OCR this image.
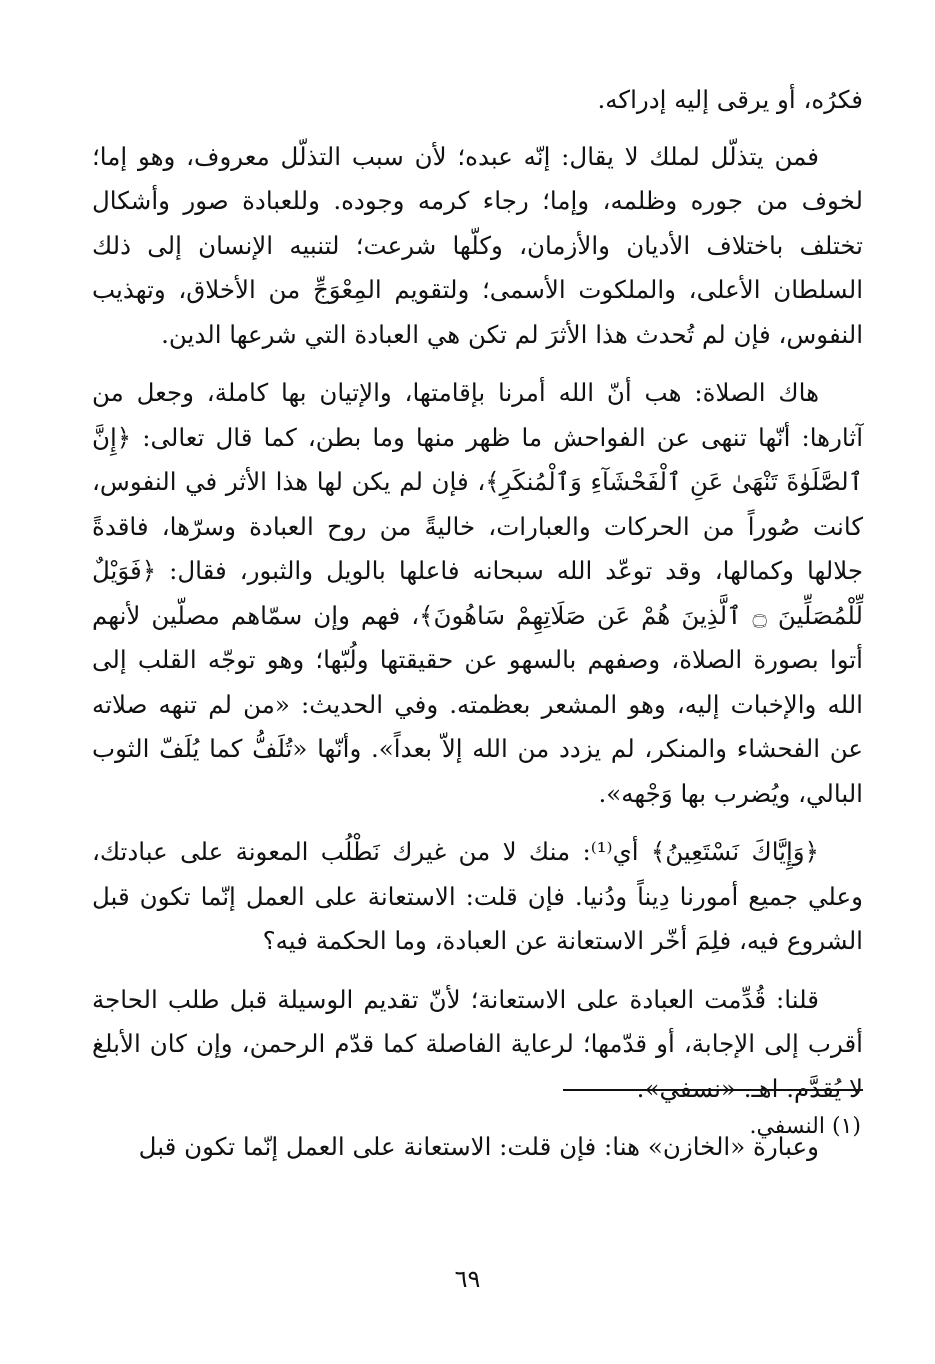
فكرُه، أو يرقى إليه إدراكه.

فمن يتذلّل لملك لا يقال: إنّه عبده؛ لأن سبب التذلّل معروف، وهو إما؛ لخوف من جوره وظلمه، وإما؛ رجاء كرمه وجوده. وللعبادة صور وأشكال تختلف باختلاف الأديان والأزمان، وكلّها شرعت؛ لتنبيه الإنسان إلى ذلك السلطان الأعلى، والملكوت الأسمى؛ ولتقويم المِعْوَجِّ من الأخلاق، وتهذيب النفوس، فإن لم تُحدث هذا الأثرَ لم تكن هي العبادة التي شرعها الدين.

هاك الصلاة: هب أنّ الله أمرنا بإقامتها، والإتيان بها كاملة، وجعل من آثارها: أنّها تنهى عن الفواحش ما ظهر منها وما بطن، كما قال تعالى: ﴿إِنَّ ٱلصَّلَوٰةَ تَنْهَىٰ عَنِ ٱلْفَحْشَآءِ وَٱلْمُنكَرِ﴾، فإن لم يكن لها هذا الأثر في النفوس، كانت صُوراً من الحركات والعبارات، خاليةً من روح العبادة وسرّها، فاقدةً جلالها وكمالها، وقد توعّد الله سبحانه فاعلها بالويل والثبور، فقال: ﴿فَوَيْلٌ لِّلْمُصَلِّينَ ۝ ٱلَّذِينَ هُمْ عَن صَلَاتِهِمْ سَاهُونَ﴾، فهم وإن سمّاهم مصلّين لأنهم أتوا بصورة الصلاة، وصفهم بالسهو عن حقيقتها ولُبّها؛ وهو توجّه القلب إلى الله والإخبات إليه، وهو المشعر بعظمته. وفي الحديث: «من لم تنهه صلاته عن الفحشاء والمنكر، لم يزدد من الله إلاّ بعداً». وأنّها «تُلَفُّ كما يُلَفّ الثوب البالي، ويُضرب بها وَجْهه».

﴿وَإِيَّاكَ نَسْتَعِينُ﴾ أي⁽¹⁾: منك لا من غيرك نَطْلُب المعونة على عبادتك، وعلي جميع أمورنا دِيناً ودُنيا. فإن قلت: الاستعانة على العمل إنّما تكون قبل الشروع فيه، فلِمَ أخّر الاستعانة عن العبادة، وما الحكمة فيه؟

قلنا: قُدِّمت العبادة على الاستعانة؛ لأنّ تقديم الوسيلة قبل طلب الحاجة أقرب إلى الإجابة، أو قدّمها؛ لرعاية الفاصلة كما قدّم الرحمن، وإن كان الأبلغ لا يُقدَّم. اهـ. «نسفي».

وعبارة «الخازن» هنا: فإن قلت: الاستعانة على العمل إنّما تكون قبل

(١) النسفي.
٦٩
